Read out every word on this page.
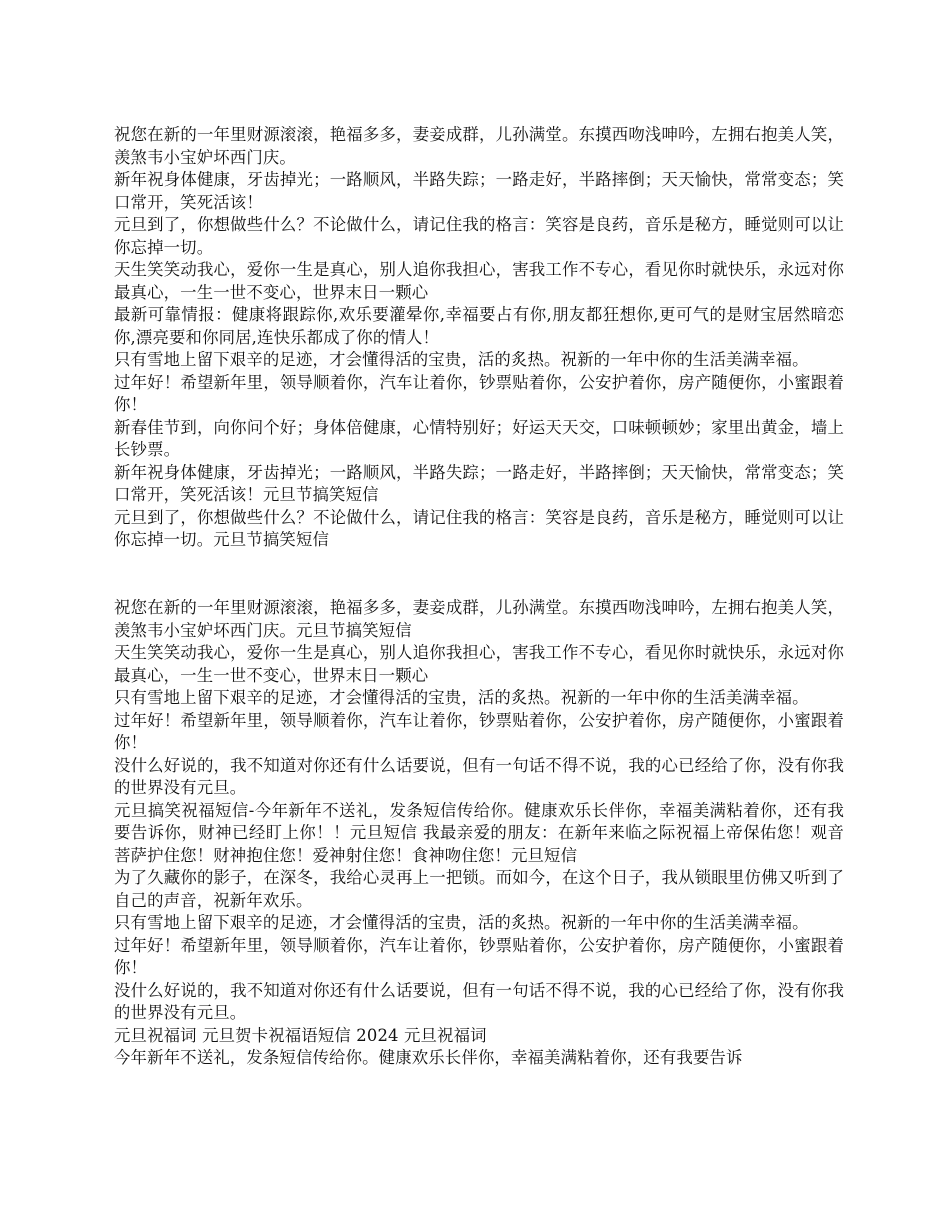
祝您在新的一年里财源滚滚，艳福多多，妻妾成群，儿孙满堂。东摸西吻浅呻吟，左拥右抱美人笑，羡煞韦小宝妒坏西门庆。

新年祝身体健康，牙齿掉光；一路顺风，半路失踪；一路走好，半路摔倒；天天愉快，常常变态；笑口常开，笑死活该！

元旦到了，你想做些什么？不论做什么，请记住我的格言：笑容是良药，音乐是秘方，睡觉则可以让你忘掉一切。

天生笑笑动我心，爱你一生是真心，别人追你我担心，害我工作不专心，看见你时就快乐，永远对你最真心，一生一世不变心，世界末日一颗心

最新可靠情报：健康将跟踪你,欢乐要灌晕你,幸福要占有你,朋友都狂想你,更可气的是财宝居然暗恋你,漂亮要和你同居,连快乐都成了你的情人！

只有雪地上留下艰辛的足迹，才会懂得活的宝贵，活的炙热。祝新的一年中你的生活美满幸福。

过年好！希望新年里，领导顺着你，汽车让着你，钞票贴着你，公安护着你，房产随便你，小蜜跟着你！

新春佳节到，向你问个好；身体倍健康，心情特别好；好运天天交，口味顿顿妙；家里出黄金，墙上长钞票。

新年祝身体健康，牙齿掉光；一路顺风，半路失踪；一路走好，半路摔倒；天天愉快，常常变态；笑口常开，笑死活该！元旦节搞笑短信

元旦到了，你想做些什么？不论做什么，请记住我的格言：笑容是良药，音乐是秘方，睡觉则可以让你忘掉一切。元旦节搞笑短信

祝您在新的一年里财源滚滚，艳福多多，妻妾成群，儿孙满堂。东摸西吻浅呻吟，左拥右抱美人笑，羡煞韦小宝妒坏西门庆。元旦节搞笑短信

天生笑笑动我心，爱你一生是真心，别人追你我担心，害我工作不专心，看见你时就快乐，永远对你最真心，一生一世不变心，世界末日一颗心

只有雪地上留下艰辛的足迹，才会懂得活的宝贵，活的炙热。祝新的一年中你的生活美满幸福。

过年好！希望新年里，领导顺着你，汽车让着你，钞票贴着你，公安护着你，房产随便你，小蜜跟着你！

没什么好说的，我不知道对你还有什么话要说，但有一句话不得不说，我的心已经给了你，没有你我的世界没有元旦。

元旦搞笑祝福短信-今年新年不送礼，发条短信传给你。健康欢乐长伴你，幸福美满粘着你，还有我要告诉你，财神已经盯上你！！元旦短信 我最亲爱的朋友：在新年来临之际祝福上帝保佑您！观音菩萨护住您！财神抱住您！爱神射住您！食神吻住您！元旦短信

为了久藏你的影子，在深冬，我给心灵再上一把锁。而如今，在这个日子，我从锁眼里仿佛又听到了自己的声音，祝新年欢乐。

只有雪地上留下艰辛的足迹，才会懂得活的宝贵，活的炙热。祝新的一年中你的生活美满幸福。

过年好！希望新年里，领导顺着你，汽车让着你，钞票贴着你，公安护着你，房产随便你，小蜜跟着你！

没什么好说的，我不知道对你还有什么话要说，但有一句话不得不说，我的心已经给了你，没有你我的世界没有元旦。

元旦祝福词 元旦贺卡祝福语短信 2024 元旦祝福词

今年新年不送礼，发条短信传给你。健康欢乐长伴你，幸福美满粘着你，还有我要告诉
